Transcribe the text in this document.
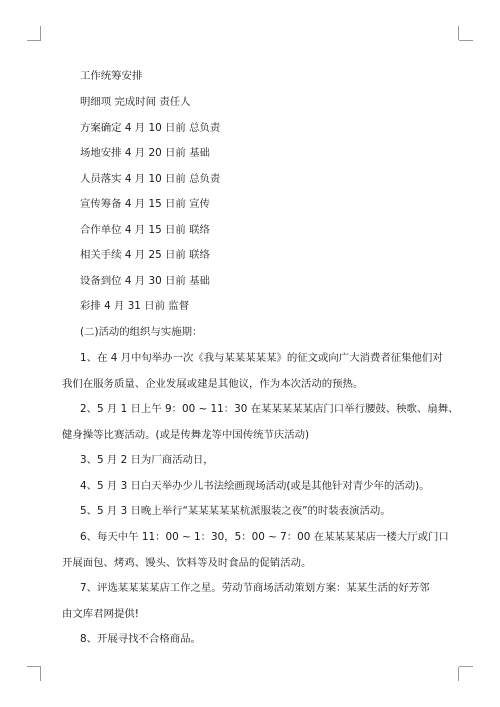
工作统筹安排
明细项 完成时间 责任人
方案确定 4 月 10 日前 总负责
场地安排 4 月 20 日前 基础
人员落实 4 月 10 日前 总负责
宣传筹备 4 月 15 日前 宣传
合作单位 4 月 15 日前 联络
相关手续 4 月 25 日前 联络
设备到位 4 月 30 日前 基础
彩排 4 月 31 日前 监督
(二)活动的组织与实施期：
1、在 4 月中旬举办一次《我与某某某某某》的征文或向广大消费者征集他们对
我们在服务质量、企业发展或建是其他议，作为本次活动的预热。
2、5 月 1 日上午 9：00 ~ 11：30 在某某某某某店门口举行腰鼓、秧歌、扇舞、
健身操等比赛活动。(或是传舞龙等中国传统节庆活动)
3、5 月 2 日为厂商活动日，
4、5 月 3 日白天举办少儿书法绘画现场活动(或是其他针对青少年的活动)。
5、5 月 3 日晚上举行“某某某某某杭派服装之夜”的时装表演活动。
6、每天中午 11：00 ~ 1：30，5：00 ~ 7：00 在某某某某店一楼大厅或门口
开展面包、烤鸡、馒头、饮料等及时食品的促销活动。
7、评选某某某某店工作之星。劳动节商场活动策划方案：某某生活的好芳邻
由文库君网提供!
8、开展寻找不合格商品。
